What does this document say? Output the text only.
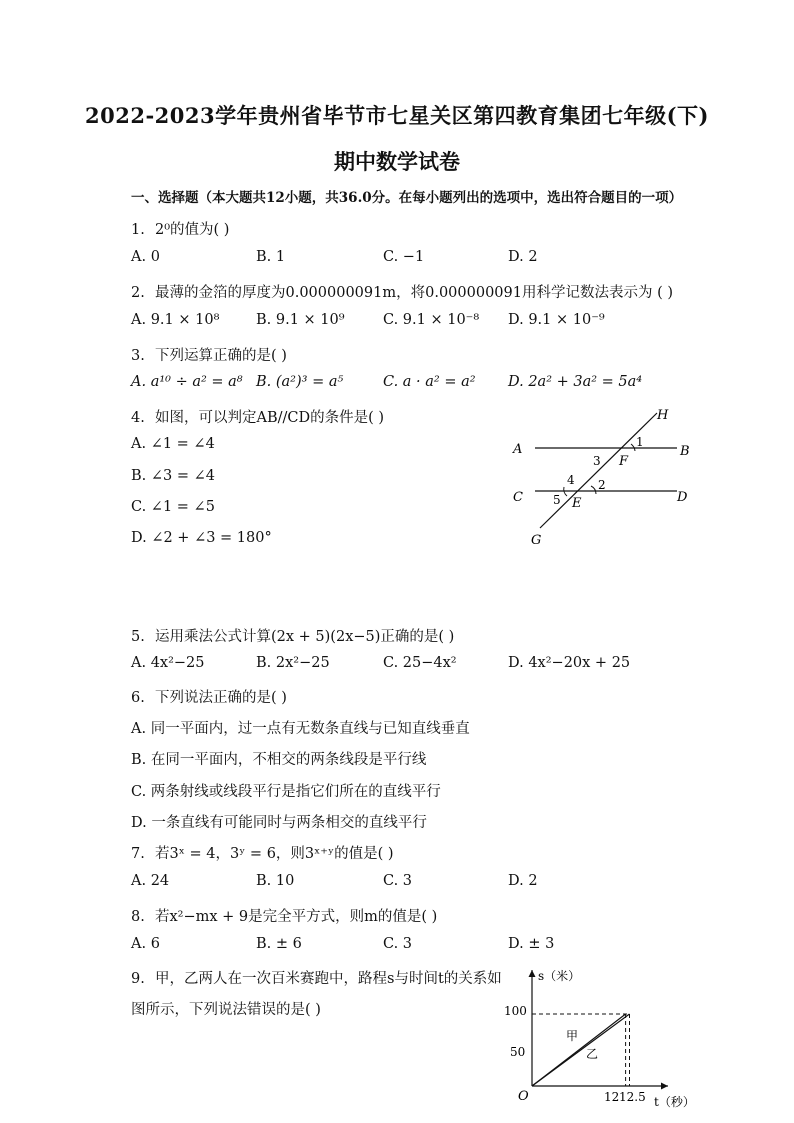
2022-2023学年贵州省毕节市七星关区第四教育集团七年级(下)
期中数学试卷
一、选择题（本大题共12小题，共36.0分。在每小题列出的选项中，选出符合题目的一项）
1. 2⁰的值为( )
A. 0	B. 1	C. −1	D. 2
2. 最薄的金箔的厚度为0.000000091m，将0.000000091用科学记数法表示为 ( )
A. 9.1 × 10⁸	B. 9.1 × 10⁹	C. 9.1 × 10⁻⁸ D. 9.1 × 10⁻⁹
3. 下列运算正确的是( )
A. a¹⁰ ÷ a² = a⁸ B. (a²)³ = a⁵	C. a · a² = a² D. 2a² + 3a² = 5a⁴
4. 如图，可以判定AB//CD的条件是( )
A. ∠1 = ∠4
B. ∠3 = ∠4
C. ∠1 = ∠5
D. ∠2 + ∠3 = 180°
A	B
C	D
E
F
G
H
1
2
3
4
5
5. 运用乘法公式计算(2x + 5)(2x−5)正确的是( )
A. 4x²−25	B. 2x²−25	C. 25−4x²	D. 4x²−20x + 25
6. 下列说法正确的是( )
A. 同一平面内，过一点有无数条直线与已知直线垂直
B. 在同一平面内，不相交的两条线段是平行线
C. 两条射线或线段平行是指它们所在的直线平行
D. 一条直线有可能同时与两条相交的直线平行
7. 若3ˣ = 4，3ʸ = 6，则3ˣ⁺ʸ的值是( )
A. 24	B. 10	C. 3	D. 2
8. 若x²−mx + 9是完全平方式，则m的值是( )
A. 6	B. ± 6	C. 3	D. ± 3
9. 甲，乙两人在一次百米赛跑中，路程s与时间t的关系如
图所示，下列说法错误的是( )
s（米）
t（秒）
O
100
50
12 12.5
甲
乙
